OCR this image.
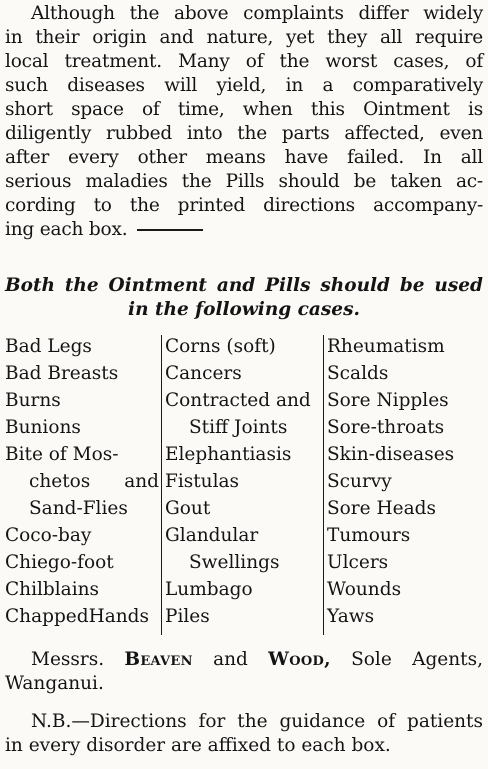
Although the above complaints differ widely
in their origin and nature, yet they all require
local treatment. Many of the worst cases, of
such diseases will yield, in a comparatively
short space of time, when this Ointment is
diligently rubbed into the parts affected, even
after every other means have failed. In all
serious maladies the Pills should be taken ac-
cording to the printed directions accompany-
ing each box.
Both the Ointment and Pills should be used
in the following cases.
Bad Legs
Bad Breasts
Burns
Bunions
Bite of Mos-
chetos and
Sand-Flies
Coco-bay
Chiego-foot
Chilblains
ChappedHands
Corns (soft)
Cancers
Contracted and
Stiff Joints
Elephantiasis
Fistulas
Gout
Glandular
Swellings
Lumbago
Piles
Rheumatism
Scalds
Sore Nipples
Sore-throats
Skin-diseases
Scurvy
Sore Heads
Tumours
Ulcers
Wounds
Yaws
Messrs. Beaven and Wood, Sole Agents,
Wanganui.
N.B.—Directions for the guidance of patients
in every disorder are affixed to each box.
